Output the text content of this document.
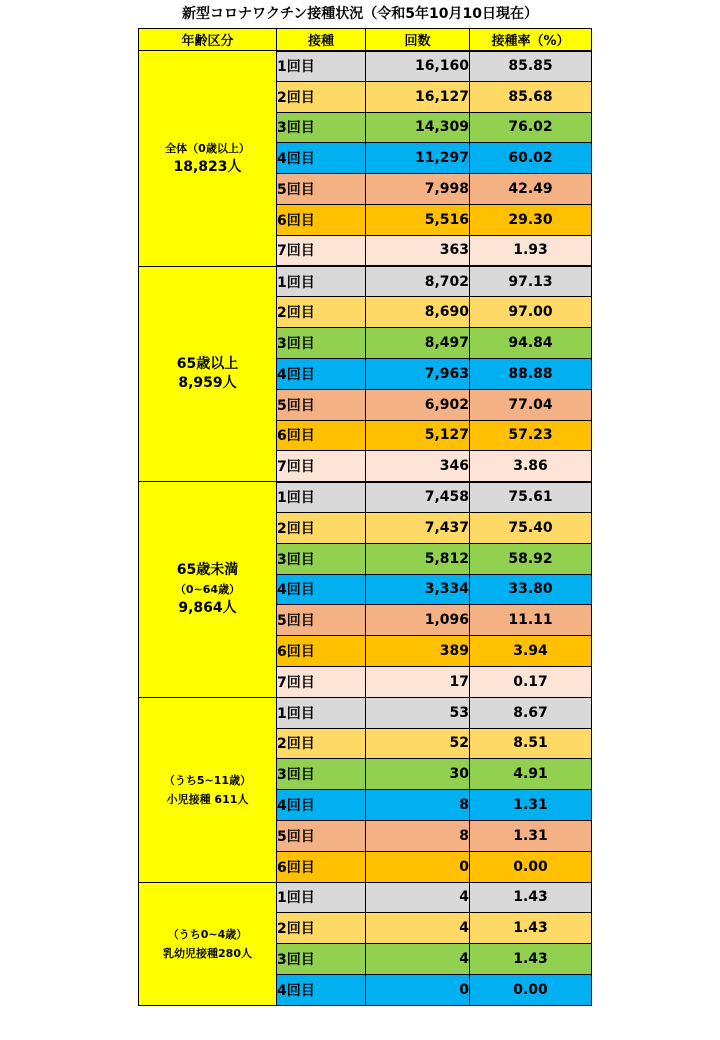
新型コロナワクチン接種状況（令和5年10月10日現在）
年齢区分	接種	回数	接種率（%）

全体（0歳以上）
18,823人	1回目	16,160	85.85
	2回目	16,127	85.68
	3回目	14,309	76.02
	4回目	11,297	60.02
	5回目	7,998	42.49
	6回目	5,516	29.30
	7回目	363	1.93

65歳以上
8,959人	1回目	8,702	97.13
	2回目	8,690	97.00
	3回目	8,497	94.84
	4回目	7,963	88.88
	5回目	6,902	77.04
	6回目	5,127	57.23
	7回目	346	3.86

65歳未満
（0~64歳）
9,864人	1回目	7,458	75.61
	2回目	7,437	75.40
	3回目	5,812	58.92
	4回目	3,334	33.80
	5回目	1,096	11.11
	6回目	389	3.94
	7回目	17	0.17

（うち5~11歳）
小児接種 611人	1回目	53	8.67
	2回目	52	8.51
	3回目	30	4.91
	4回目	8	1.31
	5回目	8	1.31
	6回目	0	0.00

（うち0~4歳）
乳幼児接種280人	1回目	4	1.43
	2回目	4	1.43
	3回目	4	1.43
	4回目	0	0.00
